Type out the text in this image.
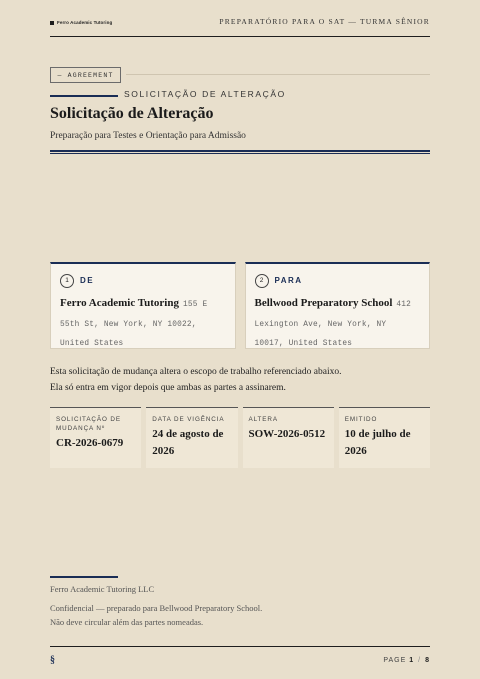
Ferro Academic Tutoring	PREPARATÓRIO PARA O SAT — TURMA SÊNIOR
— AGREEMENT
SOLICITAÇÃO DE ALTERAÇÃO
Solicitação de Alteração
Preparação para Testes e Orientação para Admissão
1	DE
Ferro Academic Tutoring 155 E 55th St, New York, NY 10022, United States
2	PARA
Bellwood Preparatory School 412 Lexington Ave, New York, NY 10017, United States

Esta solicitação de mudança altera o escopo de trabalho referenciado abaixo. Ela só entra em vigor depois que ambas as partes a assinarem.

SOLICITAÇÃO DE MUDANÇA Nº
CR-2026-0679
DATA DE VIGÊNCIA
24 de agosto de 2026
ALTERA
SOW-2026-0512
EMITIDO
10 de julho de 2026
Ferro Academic Tutoring LLC
Confidencial — preparado para Bellwood Preparatory School. Não deve circular além das partes nomeadas.
§	PAGE 1 / 8
